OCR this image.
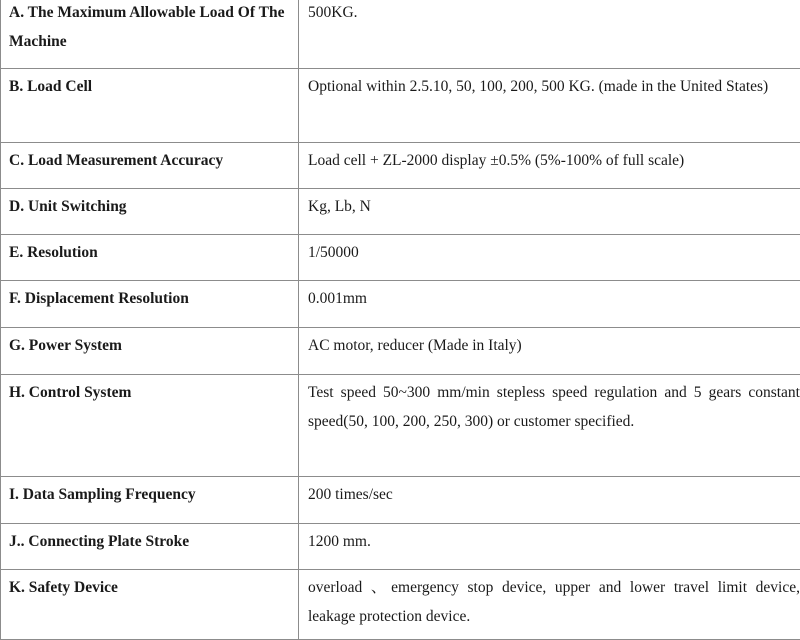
A. The Maximum Allowable Load Of The Machine	500KG.
B. Load Cell	Optional within 2.5.10, 50, 100, 200, 500 KG. (made in the United States)
C. Load Measurement Accuracy	Load cell + ZL-2000 display ±0.5% (5%-100% of full scale)
D. Unit Switching	Kg, Lb, N
E. Resolution	1/50000
F. Displacement Resolution	0.001mm
G. Power System	AC motor, reducer (Made in Italy)
H. Control System	Test speed 50~300 mm/min stepless speed regulation and 5 gears constant speed(50, 100, 200, 250, 300) or customer specified.
I. Data Sampling Frequency	200 times/sec
J.. Connecting Plate Stroke	1200 mm.
K. Safety Device	overload 、emergency stop device, upper and lower travel limit device, leakage protection device.
